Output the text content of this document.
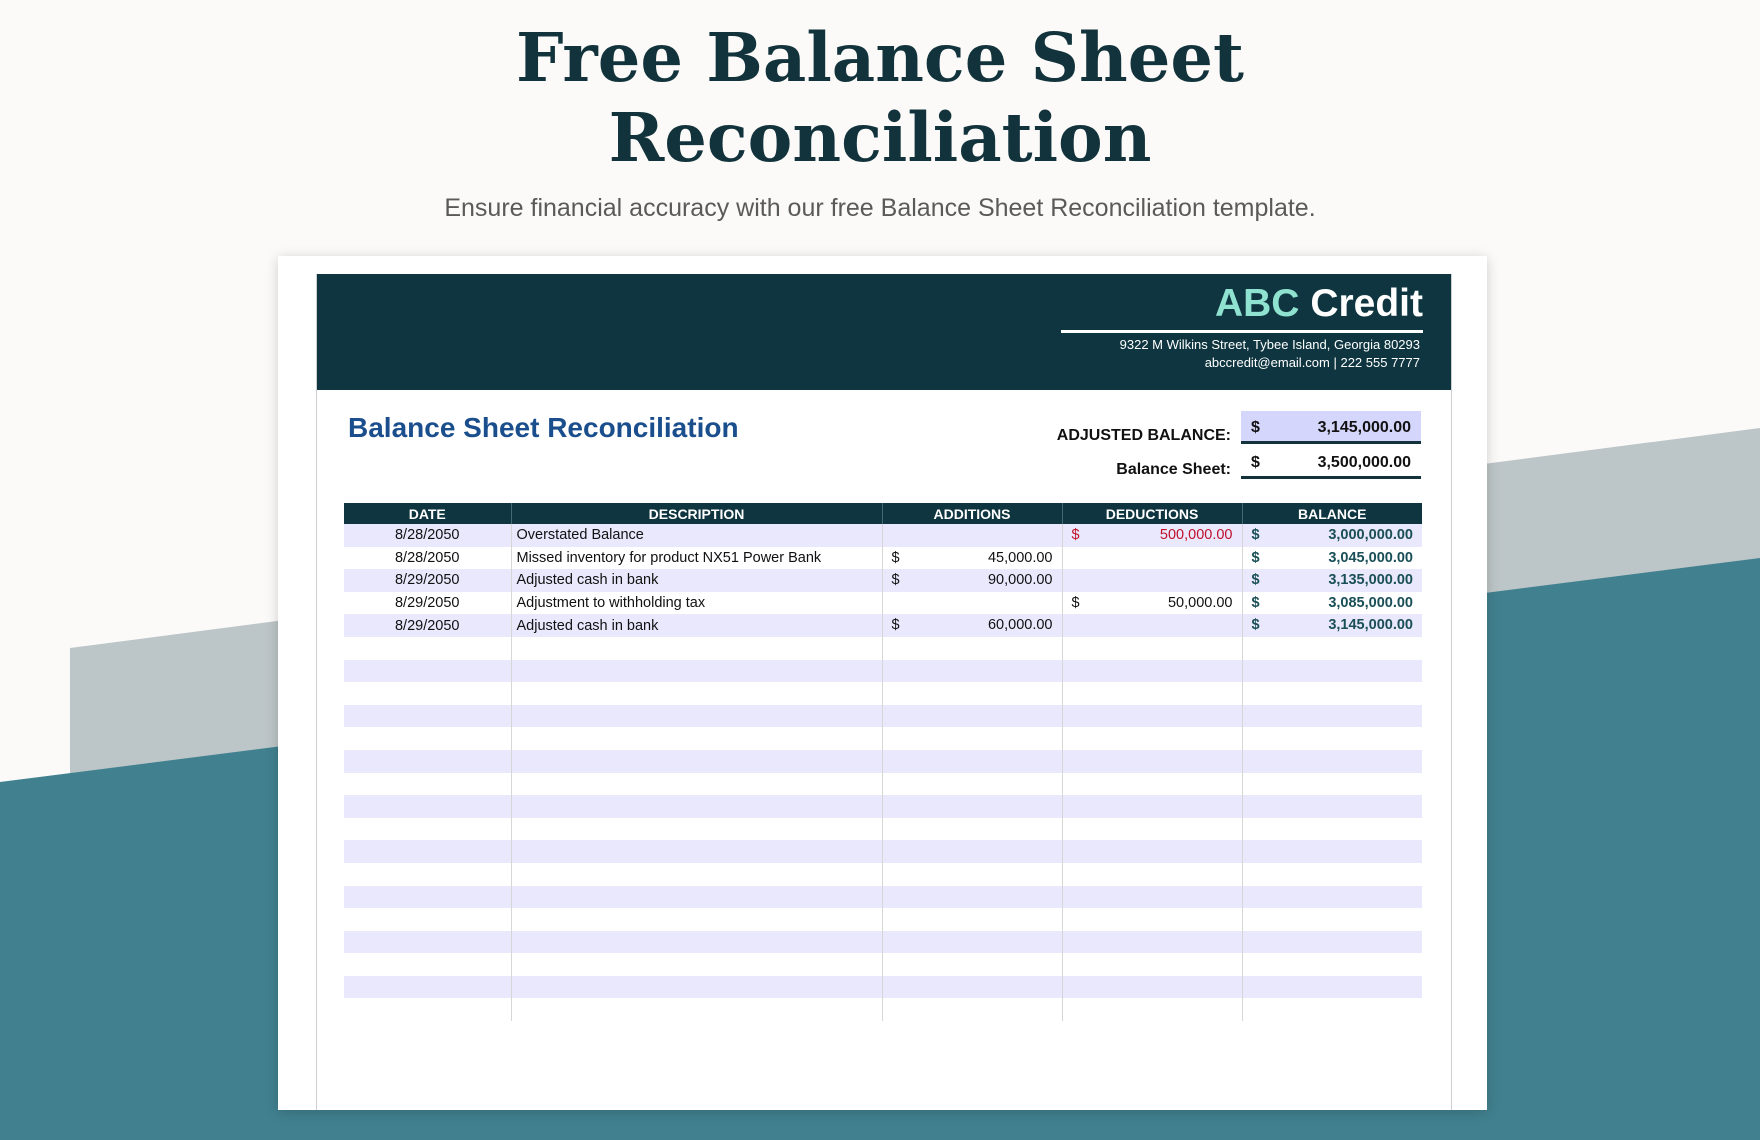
Free Balance Sheet
Reconciliation

Ensure financial accuracy with our free Balance Sheet Reconciliation template.

ABC Credit
9322 M Wilkins Street, Tybee Island, Georgia 80293
abccredit@email.com | 222 555 7777
Balance Sheet Reconciliation	ADJUSTED BALANCE: $	3,145,000.00
Balance Sheet: $	3,500,000.00
DATE	DESCRIPTION	ADDITIONS	DEDUCTIONS	BALANCE
8/28/2050	Overstated Balance		$ 500,000.00	$ 3,000,000.00

8/28/2050	Missed inventory for product NX51 Power Bank	$ 45,000.00		$ 3,045,000.00

8/29/2050	Adjusted cash in bank	$ 90,000.00		$ 3,135,000.00

8/29/2050	Adjustment to withholding tax		$ 50,000.00	$ 3,085,000.00

8/29/2050	Adjusted cash in bank	$ 60,000.00		$ 3,145,000.00
